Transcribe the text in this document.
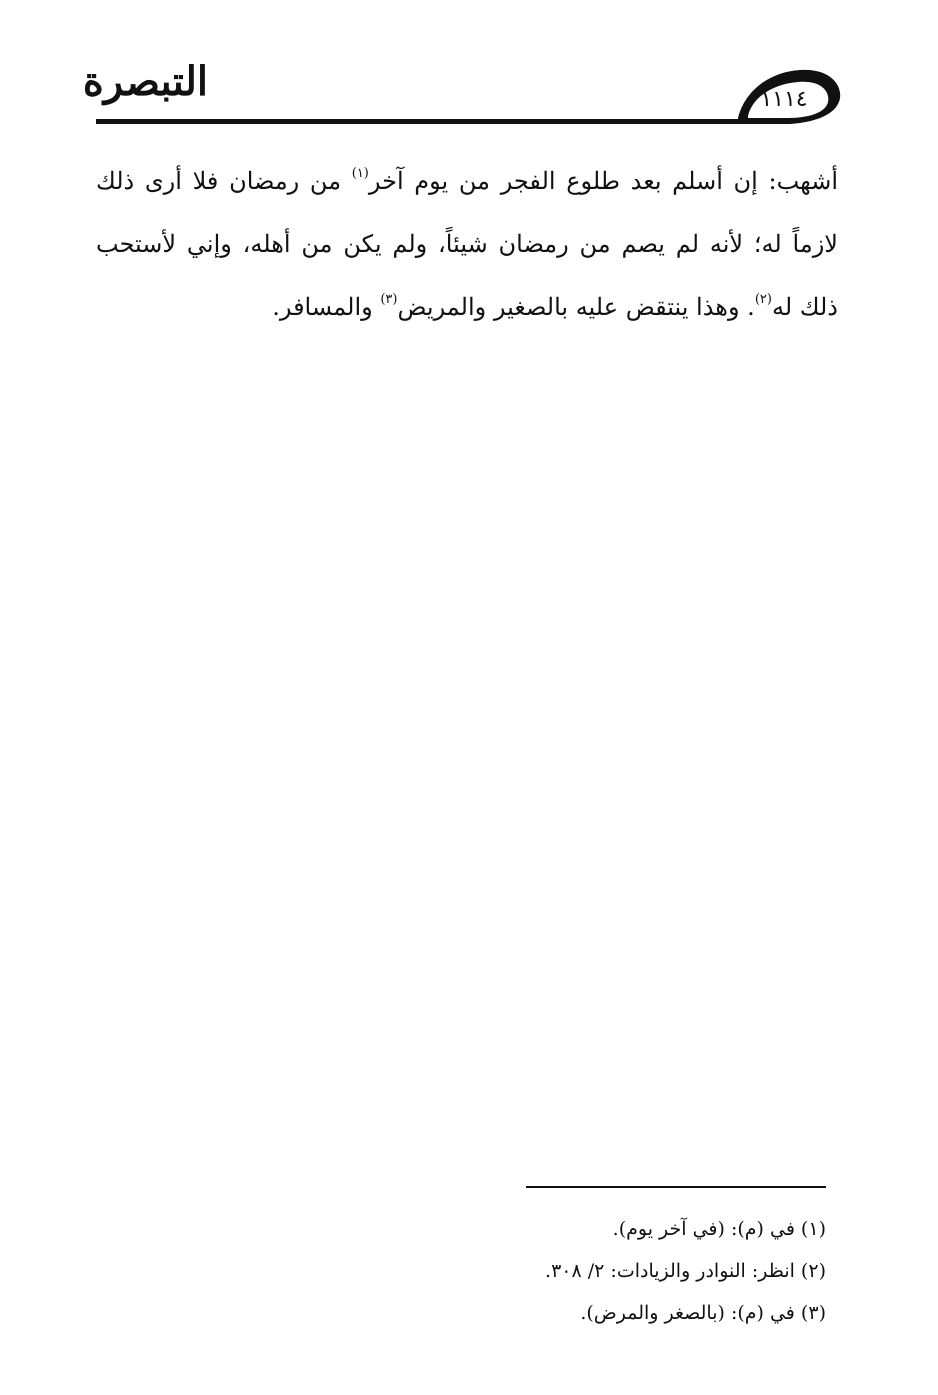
التبصرة	١١١٤
أشهب: إن أسلم بعد طلوع الفجر من يوم آخر$^{(١)}$ من رمضان فلا أرى ذلك
لازماً له؛ لأنه لم يصم من رمضان شيئاً، ولم يكن من أهله، وإني لأستحب
ذلك له$^{(٢)}$. وهذا ينتقض عليه بالصغير والمريض$^{(٣)}$ والمسافر.
(١) في (م): (في آخر يوم).
(٢) انظر: النوادر والزيادات: ٢/ ٣٠٨.
(٣) في (م): (بالصغر والمرض).
